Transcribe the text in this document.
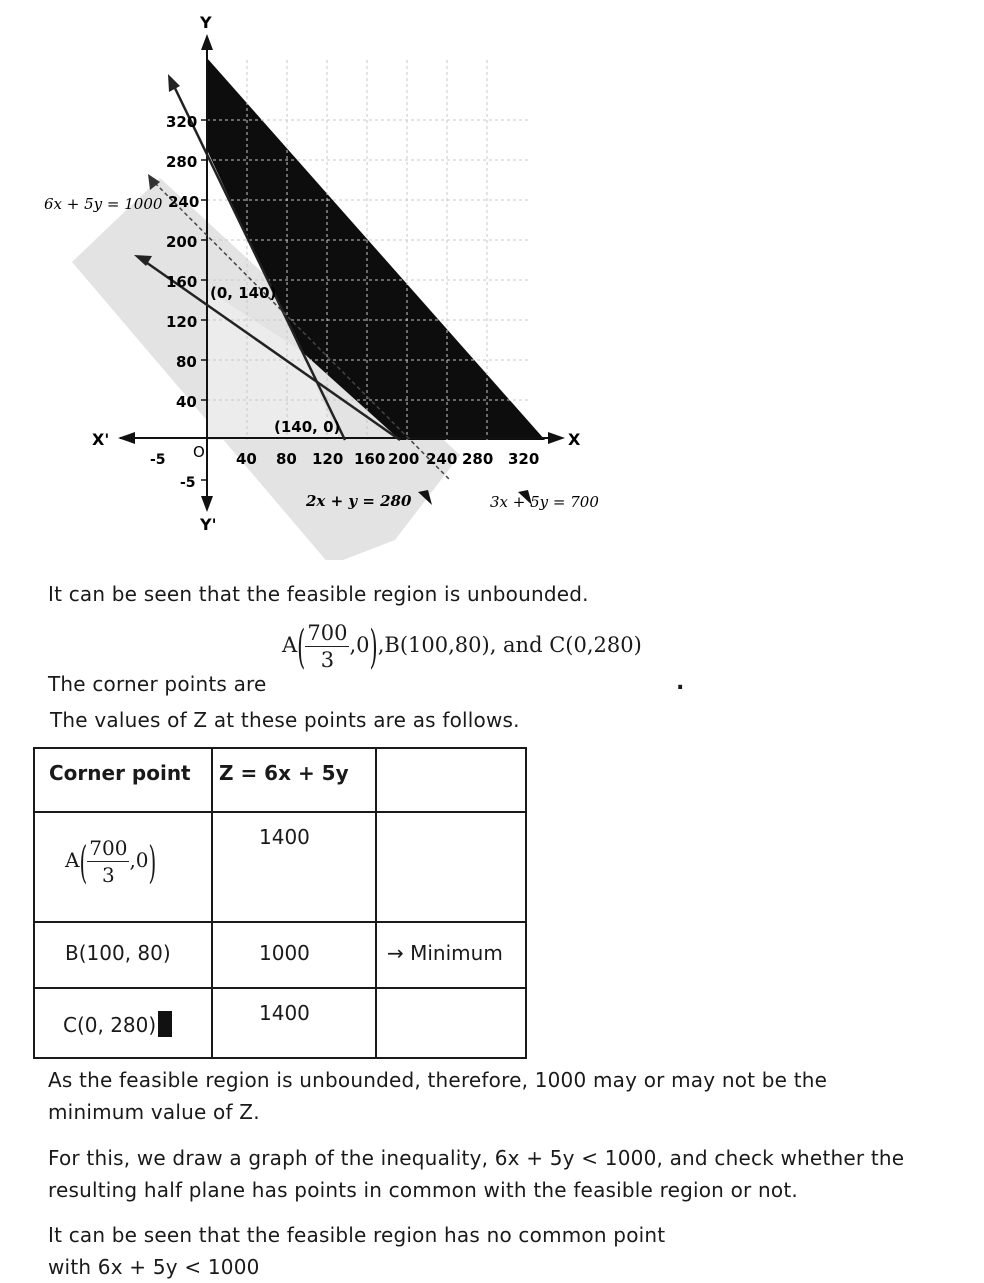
Y
X
X'
Y'
O
320
280
240
200
160
120
80
40
-5
-5	40 80 120 160 200 240 280 320
6x + 5y = 1000
2x + y = 280	3x + 5y = 700
(0, 140)
(140, 0)
It can be seen that the feasible region is unbounded.
$A( \frac{700}{3} ,0),B(100,80)$, and C(0,280)
The corner points are	.
The values of Z at these points are as follows.
Corner point	Z = 6x + 5y	

$A( \frac{700}{3} ,0)$	1400	

B(100, 80)	1000	→ Minimum

C(0, 280)	1400	

As the feasible region is unbounded, therefore, 1000 may or may not be the minimum value of Z.
For this, we draw a graph of the inequality, 6x + 5y < 1000, and check whether the resulting half plane has points in common with the feasible region or not.
It can be seen that the feasible region has no common point
with 6x + 5y < 1000
